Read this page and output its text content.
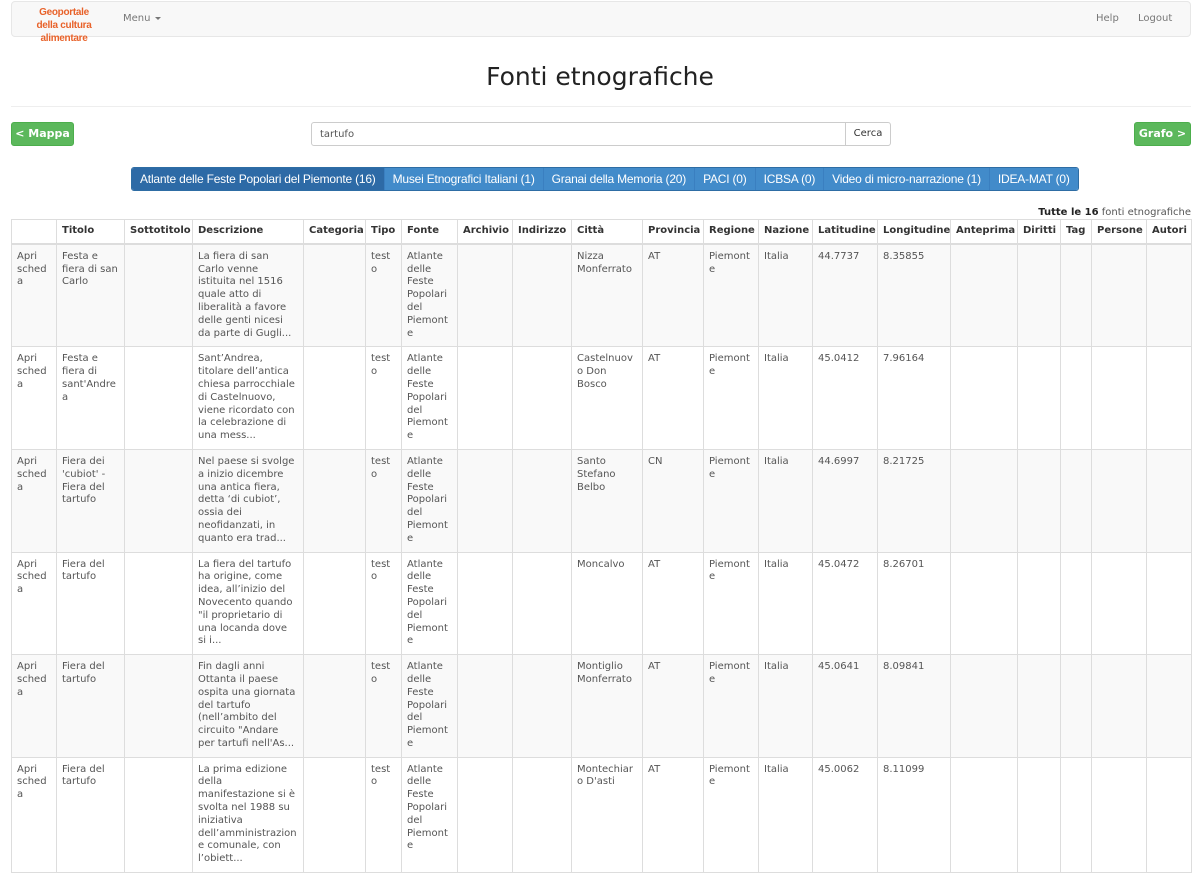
Geoportale della cultura alimentare
Menu	Help Logout
Fonti etnografiche
< Mappa
tartufo	Cerca	Grafo >
Atlante delle Feste Popolari del Piemonte (16)	Musei Etnografici Italiani (1)	Granai della Memoria (20)	PACI (0)	ICBSA (0)	Video di micro-narrazione (1)	IDEA-MAT (0)
Tutte le 16 fonti etnografiche
	Titolo	Sottotitolo	Descrizione	Categoria	Tipo	Fonte	Archivio	Indirizzo	Città	Provincia	Regione	Nazione	Latitudine	Longitudine	Anteprima	Diritti	Tag	Persone	Autori
Apri scheda	Festa e fiera di san Carlo		La fiera di san Carlo venne istituita nel 1516 quale atto di liberalità a favore delle genti nicesi da parte di Gugli...		testo	Atlante delle Feste Popolari del Piemonte			Nizza Monferrato	AT	Piemonte	Italia	44.7737	8.35855					
Apri scheda	Festa e fiera di sant'Andrea		Sant’Andrea, titolare dell’antica chiesa parrocchiale di Castelnuovo, viene ricordato con la celebrazione di una mess...		testo	Atlante delle Feste Popolari del Piemonte			Castelnuovo Don Bosco	AT	Piemonte	Italia	45.0412	7.96164					
Apri scheda	Fiera dei 'cubiot' - Fiera del tartufo		Nel paese si svolge a inizio dicembre una antica fiera, detta ‘di cubiot’, ossia dei neofidanzati, in quanto era trad...		testo	Atlante delle Feste Popolari del Piemonte			Santo Stefano Belbo	CN	Piemonte	Italia	44.6997	8.21725					
Apri scheda	Fiera del tartufo		La fiera del tartufo ha origine, come idea, all’inizio del Novecento quando "il proprietario di una locanda dove si i...		testo	Atlante delle Feste Popolari del Piemonte			Moncalvo	AT	Piemonte	Italia	45.0472	8.26701					
Apri scheda	Fiera del tartufo		Fin dagli anni Ottanta il paese ospita una giornata del tartufo (nell’ambito del circuito "Andare per tartufi nell'As...		testo	Atlante delle Feste Popolari del Piemonte			Montiglio Monferrato	AT	Piemonte	Italia	45.0641	8.09841					
Apri scheda	Fiera del tartufo		La prima edizione della manifestazione si è svolta nel 1988 su iniziativa dell’amministrazione comunale, con l’obiett...		testo	Atlante delle Feste Popolari del Piemonte			Montechiaro D'asti	AT	Piemonte	Italia	45.0062	8.11099					
